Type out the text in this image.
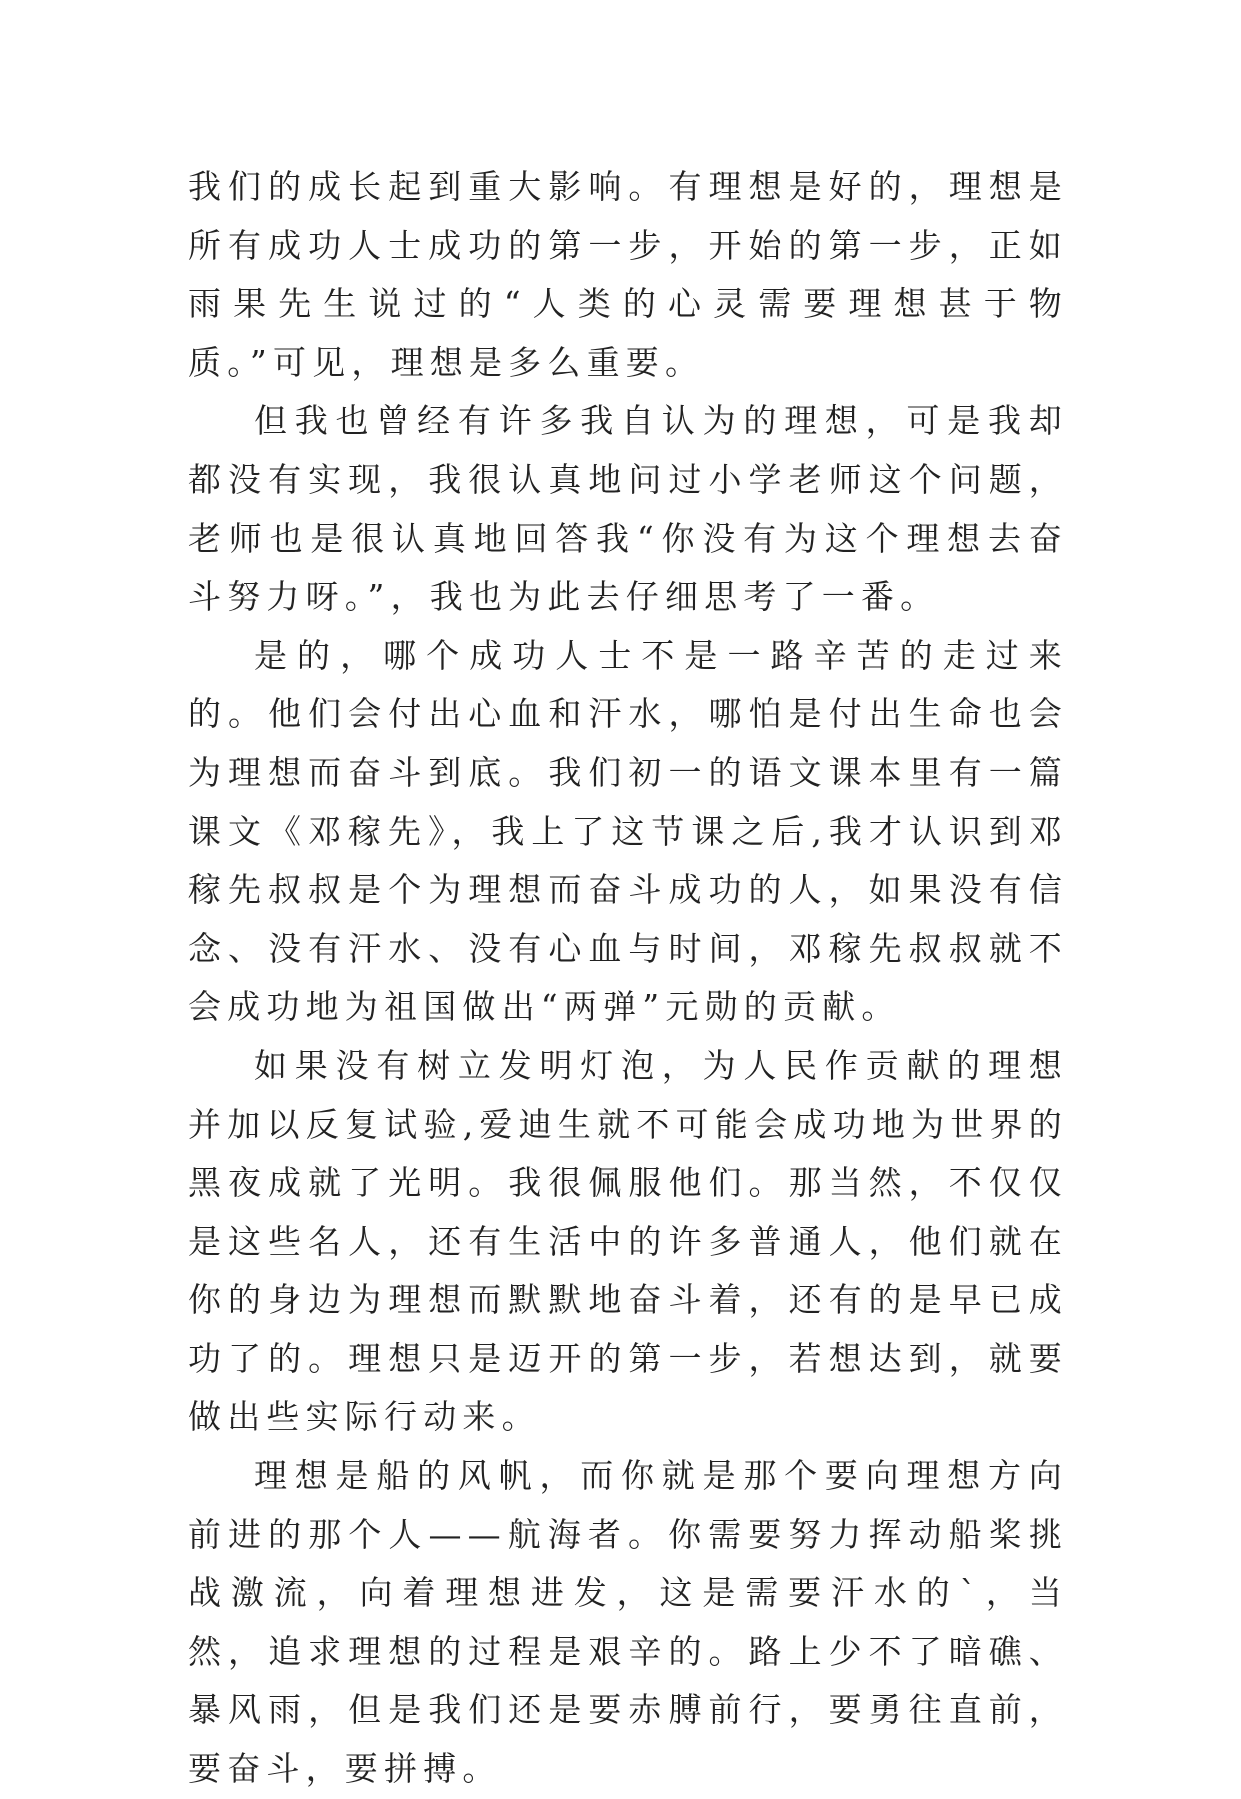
我们的成长起到重大影响。有理想是好的，理想是所有成功人士成功的第一步，开始的第一步，正如雨果先生说过的“人类的心灵需要理想甚于物质。”可见，理想是多么重要。

但我也曾经有许多我自认为的理想，可是我却都没有实现，我很认真地问过小学老师这个问题，老师也是很认真地回答我“你没有为这个理想去奋斗努力呀。”，我也为此去仔细思考了一番。

是的，哪个成功人士不是一路辛苦的走过来的。他们会付出心血和汗水，哪怕是付出生命也会为理想而奋斗到底。我们初一的语文课本里有一篇课文《邓稼先》，我上了这节课之后,我才认识到邓稼先叔叔是个为理想而奋斗成功的人，如果没有信念、没有汗水、没有心血与时间，邓稼先叔叔就不会成功地为祖国做出“两弹”元勋的贡献。

如果没有树立发明灯泡，为人民作贡献的理想并加以反复试验,爱迪生就不可能会成功地为世界的黑夜成就了光明。我很佩服他们。那当然，不仅仅是这些名人，还有生活中的许多普通人，他们就在你的身边为理想而默默地奋斗着，还有的是早已成功了的。理想只是迈开的第一步，若想达到，就要做出些实际行动来。

理想是船的风帆，而你就是那个要向理想方向前进的那个人——航海者。你需要努力挥动船桨挑战激流，向着理想进发，这是需要汗水的`，当然，追求理想的过程是艰辛的。路上少不了暗礁、暴风雨，但是我们还是要赤膊前行，要勇往直前，要奋斗，要拼搏。
